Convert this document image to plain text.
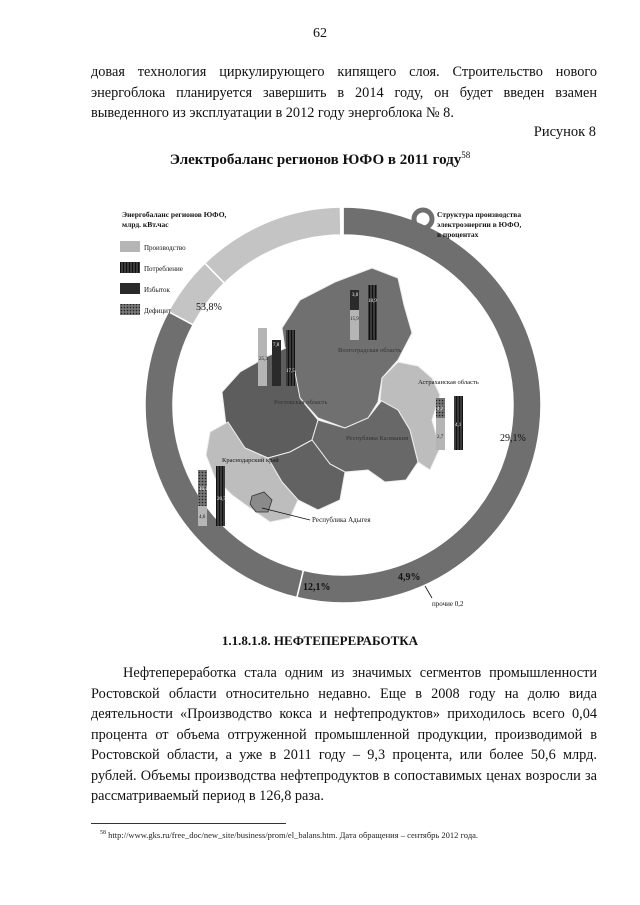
62
довая технология циркулирующего кипящего слоя. Строительство нового энергоблока планируется завершить в 2014 году, он будет введен взамен выведенного из эксплуатации в 2012 году энергоблока № 8.
Рисунок 8
Электробаланс регионов ЮФО в 2011 году$^{58}$
Волгоградская область
Ростовская область
Республика Калмыкия
Астраханская область
Краснодарский край
Республика Адыгея
3,0
15,9
18,9
25,3
7,8
17,5
4,2
2,7
4,1
4,6
16,1
20,7
Энергобаланс регионов ЮФО,
млрд. кВт.час
Производство
Потребление
Избыток
Дефицит
Структура производства
электроэнергии в ЮФО,
в процентах
53,8%
29,1%
4,9%
12,1%
прочие 0,2
1.1.8.1.8. НЕФТЕПЕРЕРАБОТКА
Нефтепереработка стала одним из значимых сегментов промышленности Ростовской области относительно недавно. Еще в 2008 году на долю вида деятельности «Производство кокса и нефтепродуктов» приходилось всего 0,04 процента от объема отгруженной промышленной продукции, производимой в Ростовской области, а уже в 2011 году – 9,3 процента, или более 50,6 млрд. рублей. Объемы производства нефтепродуктов в сопоставимых ценах возросли за рассматриваемый период в 126,8 раза.
$^{58}$ http://www.gks.ru/free_doc/new_site/business/prom/el_balans.htm. Дата обращения – сентябрь 2012 года.
